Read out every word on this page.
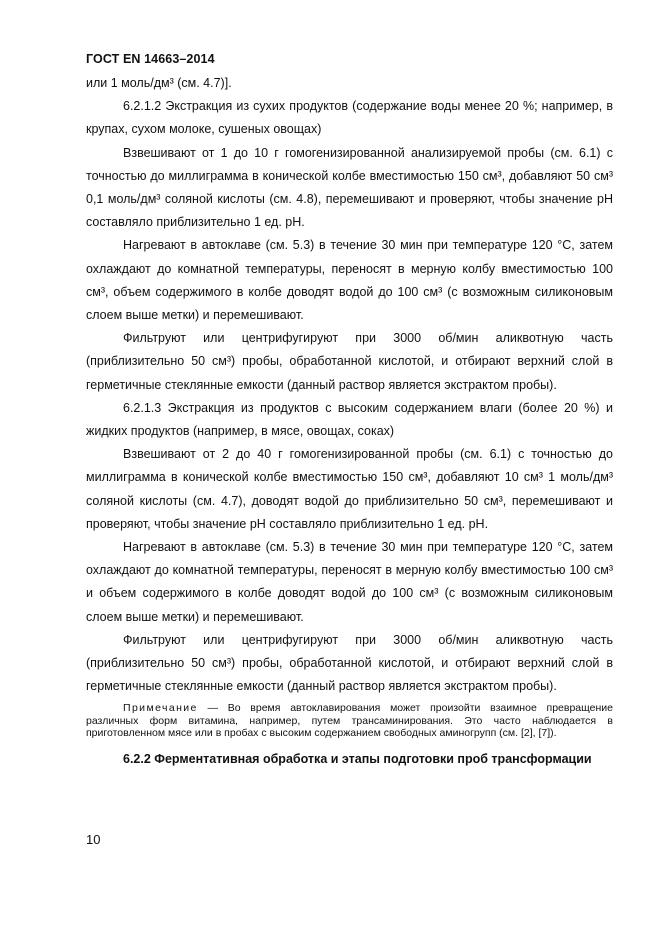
ГОСТ EN 14663–2014

или 1 моль/дм³ (см. 4.7)].

6.2.1.2 Экстракция из сухих продуктов (содержание воды менее 20 %; например, в крупах, сухом молоке, сушеных овощах)

Взвешивают от 1 до 10 г гомогенизированной анализируемой пробы (см. 6.1) с точностью до миллиграмма в конической колбе вместимостью 150 см³, добавляют 50 см³ 0,1 моль/дм³ соляной кислоты (см. 4.8), перемешивают и проверяют, чтобы значение pH составляло приблизительно 1 ед. pH.

Нагревают в автоклаве (см. 5.3) в течение 30 мин при температуре 120 °С, затем охлаждают до комнатной температуры, переносят в мерную колбу вместимостью 100 см³, объем содержимого в колбе доводят водой до 100 см³ (с возможным силиконовым слоем выше метки) и перемешивают.

Фильтруют или центрифугируют при 3000 об/мин аликвотную часть (приблизительно 50 см³) пробы, обработанной кислотой, и отбирают верхний слой в герметичные стеклянные емкости (данный раствор является экстрактом пробы).

6.2.1.3 Экстракция из продуктов с высоким содержанием влаги (более 20 %) и жидких продуктов (например, в мясе, овощах, соках)

Взвешивают от 2 до 40 г гомогенизированной пробы (см. 6.1) с точностью до миллиграмма в конической колбе вместимостью 150 см³, добавляют 10 см³ 1 моль/дм³ соляной кислоты (см. 4.7), доводят водой до приблизительно 50 см³, перемешивают и проверяют, чтобы значение pH составляло приблизительно 1 ед. pH.

Нагревают в автоклаве (см. 5.3) в течение 30 мин при температуре 120 °С, затем охлаждают до комнатной температуры, переносят в мерную колбу вместимостью 100 см³ и объем содержимого в колбе доводят водой до 100 см³ (с возможным силиконовым слоем выше метки) и перемешивают.

Фильтруют или центрифугируют при 3000 об/мин аликвотную часть (приблизительно 50 см³) пробы, обработанной кислотой, и отбирают верхний слой в герметичные стеклянные емкости (данный раствор является экстрактом пробы).

Примечание — Во время автоклавирования может произойти взаимное превращение различных форм витамина, например, путем трансаминирования. Это часто наблюдается в приготовленном мясе или в пробах с высоким содержанием свободных аминогрупп (см. [2], [7]).

6.2.2 Ферментативная обработка и этапы подготовки проб трансформации

10
